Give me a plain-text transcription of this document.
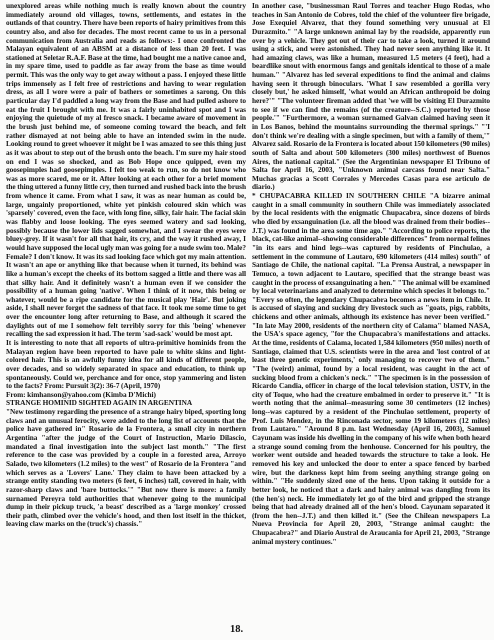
unexplored areas while nothing much is really known about the country immediately around old villages, towns, settlements, and estates in the outlands of that country. There have been reports of hairy primitives from this country also, and also for decades. The most recent came to us in a personal communication from Australia and reads as follows:- I once confronted the Malayan equivalent of an ABSM at a distance of less than 20 feet. I was stationed at Seletar R.A.F. Base at the time, had bought me a native canoe and, in my spare time, used to paddle as far away from the base as time would permit. This was the only way to get away without a pass. I enjoyed these little trips immensely as I felt free of restrictions and having to wear regulation dress, as all I wore were a pair of bathers or sometimes a sarong. On this particular day I'd paddled a long way from the Base and had pulled ashore to eat the fruit I brought with me. It was a fairly uninhabited spot and I was enjoying the quietude of my al fresco snack. I became aware of movement in the brush just behind me, of someone coming toward the beach, and felt rather dismayed at not being able to have an intended swim in the nude. Looking round to greet whoever it might be I was amazed to see this thing just as it was about to step out of the brush onto the beach. I'm sure my hair stood on end I was so shocked, and as Bob Hope once quipped, even my goosepimples had goosepimples. I felt too weak to run, so do not know who was as more scared, me or it. After looking at each other for a brief moment the thing uttered a funny little cry, then turned and rushed back into the brush from whence it came. From what I saw, it was as near human as could be, large, ungainly proportioned, white yet pinkish coloured skin which was 'sparsely' covered, even the face, with long fine, silky, fair hair. The facial skin was flabby and loose looking. The eyes seemed watery and sad looking, possibly because the lower lids sagged somewhat, and I swear the eyes were bluey-grey. If it wasn't for all that hair, its cry, and the way it rushed away, I would have supposed the local ugly man was going for a nude swim too. Male? Female? I don't know. It was its sad looking face which got my main attention. It wasn't an ape or anything like that because when it turned, its behind was like a human's except the cheeks of its bottom sagged a little and there was all that silky hair. And it definitely wasn't a human even if we consider the possibility of a human going 'native'. When I think of it now, this being or whatever, would be a ripe candidate for the musical play 'Hair'. But joking aside, I shall never forget the sadness of that face. It took me some time to get over the encounter long after returning to Base, and although it scared the daylights out of me I somehow felt terribly sorry for this 'being' whenever recalling the sad expression it had. The term 'sad-sack' would be most apt.

It is interesting to note that all reports of ultra-primitive hominids from the Malayan region have been reported to have pale to white skins and light-colored hair. This is an awfully funny idea for all kinds of different people, over decades, and so widely separated in space and education, to think up spontaneously. Could we, perchance and for once, stop yammering and listen to the facts? From: Pursuit 3(2): 36-7 (April, 1970)

From: kimhanson@yahoo.com (Kimba D'Michi)

STRANGE HOMINID SIGHTED AGAIN IN ARGENTINA

"New testimony regarding the presence of a strange hairy biped, sporting long claws and an unusual ferocity, were added to the long list of accounts that the police have gathered in" Rosario de la Frontera, a small city in northern Argentina "after the judge of the Court of Instruction, Mario Dilascio, mandated a final investigation into the subject last month." "The first reference to the case was provided by a couple in a forested area, Arroyo Salado, two kilometers (1.2 miles) to the west" of Rosario de la Frontera "and which serves as a 'Lovers' Lane.' They claim to have been attacked by a strange entity standing two meters (6 feet, 6 inches) tall, covered in hair, with razor-sharp claws and 'bare buttocks.'" "But now there is more: a family surnamed Pereyra told authorities that whenever going to the municipal dump in their pickup truck, 'a beast' described as a 'large monkey' crossed their path, climbed over the vehicle's hood, and then lost itself in the thicket, leaving claw marks on the (truck's) chassis."

In another case, "businessman Raul Torres and teacher Hugo Rodas, who teaches in San Antonio de Cobres, told the chief of the volunteer fire brigade, Jose Exequiel Alvarez, that they found something very unusual at El Durazmito." "A large unknown animal lay by the roadside, apparently run over by a vehicle. They got out of their car to take a look, turned it around using a stick, and were astonished. They had never seen anything like it. It had amazing claws, was like a human, measured 1.5 meters (4 feet), had a beardlike snout with enormous fangs and genitals identical to those of a male human." "Alvarez has led several expeditions to find the animal and claims having seen it through binoculars. 'What I saw resembled a gorilla very closely but,' he asked himself, 'what would an African anthropoid be doing here?'" "The volunteer fireman added that 'we will be visiting El Durazmito to see if we can find the remains (of the creature--S.C.) reported by those people.'" "Furthermore, a woman surnamed Galvan claimed having seen it in Los Banos, behind the mountains surrounding the thermal springs." "'I don't think we're dealing with a single specimen, but with a family of them,'" Alvarez said. Rosario de la Frontera is located about 150 kilometers (90 miles) south of Salta and about 500 kilometers (300 miles) northwest of Buenos Aires, the national capital." (See the Argentinian newspaper El Tribuno of Salta for April 16, 2003, "Unknown animal carcass found near Salta." Muchas gracias a Scott Corrales y Mercedes Casas para ese articulo de diario.)

* CHUPACABRA KILLED IN SOUTHERN CHILE "A bizarre animal caught in a small community in southern Chile was immediately associated by the local residents with the enigmatic Chupacabra, since dozens of birds who died by exsanguination (i.e. all the blood was drained from their bodies--J.T.) was found in the area some time ago." "According to police reports, the black, cat-like animal--showing considerable differences" from normal felines "in its ears and hind legs--was captured by residents of Pinchulao, a settlement in the commune of Lautaro, 690 kilometers (414 miles) south" of Santiago de Chile, the national capital. "La Prensa Austral, a newspaper in Temuco, a town adjacent to Lautaro, specified that the strange beast was caught in the process of exsanguinating a hen." "The animal will be examined by local veterinarians and analyzed to determine which species it belongs to." "Every so often, the legendary Chupacabra becomes a news item in Chile. It is accused of slaying and sucking dry livestock such as "goats, pigs, rabbits, chickens and other animals, although its existence has never been verified." "In late May 2000, residents of the northern city of Calama" blamed NASA, the USA's space agency, "for the Chupacabra's manifestations and attacks. At the time, residents of Calama, located 1,584 kilometers (950 miles) north of Santiago, claimed that U.S. scientists were in the area and 'lost control of at least three genetic experiments,' only managing to recover two of them." "The (weird) animal, found by a local resident, was caught in the act of sucking blood from a chicken's neck." "The specimen is in the possession of Ricardo Candia, officer in charge of the local television station, USTV, in the city of Toque, who had the creature embalmed in order to preserve it." "It is worth noting that the animal--measuring some 30 centimeters (12 inches) long--was captured by a resident of the Pinchulao settlement, property of Prof. Luis Mendez, in the Rinconada sector, some 19 kilometers (12 miles) from Lautaro." "Around 8 p.m. last Wednesday (April 16, 2003), Samuel Cayunam was inside his dwelling in the company of his wife when both heard a strange sound coming from the henhouse. Concerned for his poultry, the worker went outside and headed towards the structure to take a look. He removed his key and unlocked the door to enter a space fenced by barbed wire, but the darkness kept him from seeing anything strange going on within." "He suddenly sized one of the hens. Upon taking it outside for a better look, he noticed that a dark and hairy animal was dangling from its (the hen's) neck. He immediately let go of the bird and gripped the strange being that had already drained all of the hen's blood. Cayunam separated it (from the hen--J.T.) and then killed it." (See the Chilean newspapers La Nueva Provincia for April 20, 2003, "Strange animal caught: the Chupacabra?" and Diario Austral de Araucania for April 21, 2003, "Strange animal mystery continues."

18.
